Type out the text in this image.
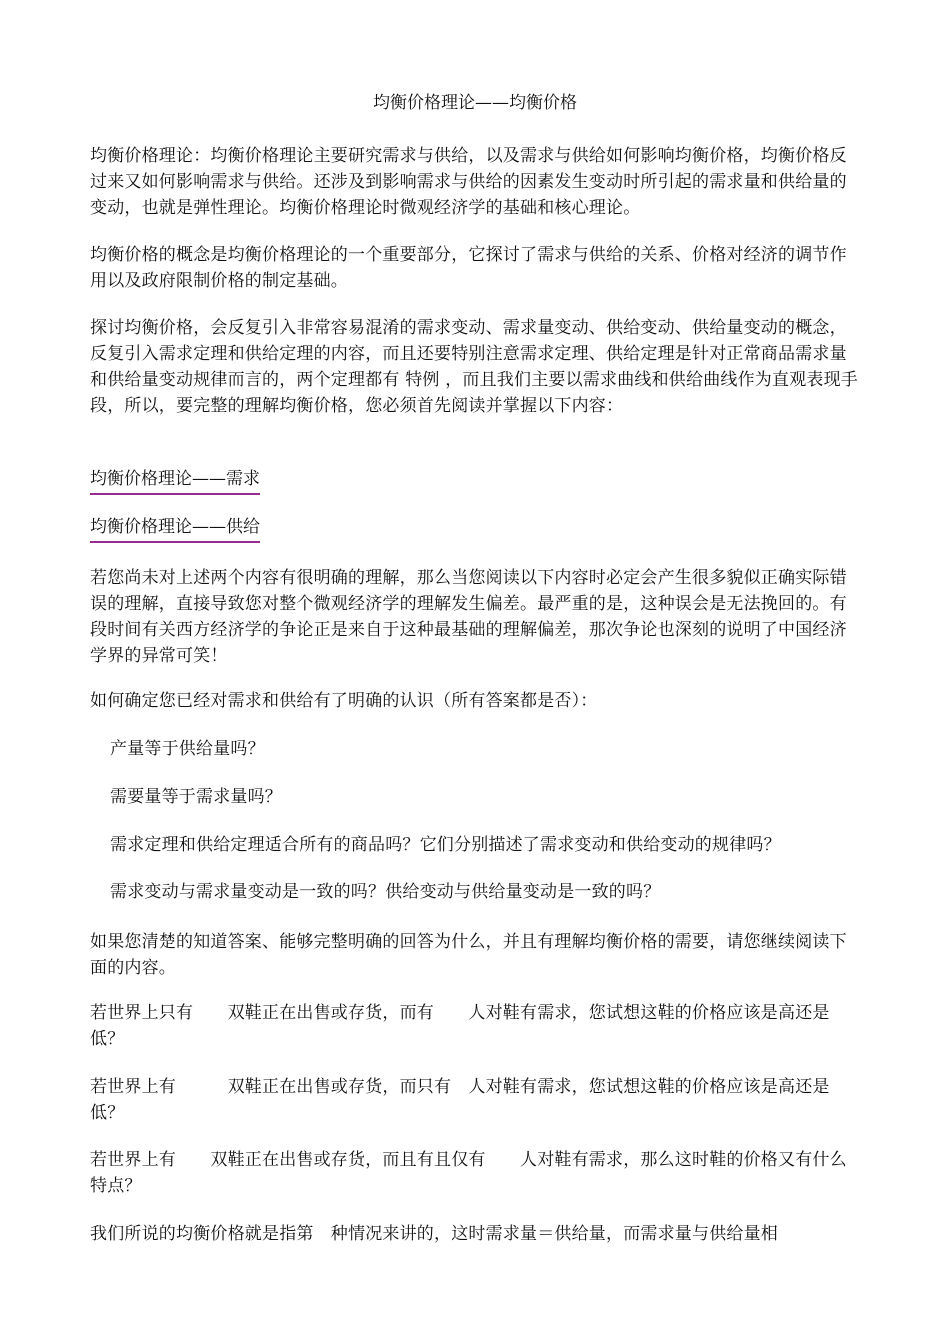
均衡价格理论——均衡价格
均衡价格理论：均衡价格理论主要研究需求与供给，以及需求与供给如何影响均衡价格，均衡价格反过来又如何影响需求与供给。还涉及到影响需求与供给的因素发生变动时所引起的需求量和供给量的变动，也就是弹性理论。均衡价格理论时微观经济学的基础和核心理论。
均衡价格的概念是均衡价格理论的一个重要部分，它探讨了需求与供给的关系、价格对经济的调节作用以及政府限制价格的制定基础。
探讨均衡价格，会反复引入非常容易混淆的需求变动、需求量变动、供给变动、供给量变动的概念，反复引入需求定理和供给定理的内容，而且还要特别注意需求定理、供给定理是针对正常商品需求量和供给量变动规律而言的，两个定理都有 特例 ，而且我们主要以需求曲线和供给曲线作为直观表现手段，所以，要完整的理解均衡价格，您必须首先阅读并掌握以下内容：
均衡价格理论——需求
均衡价格理论——供给
若您尚未对上述两个内容有很明确的理解，那么当您阅读以下内容时必定会产生很多貌似正确实际错误的理解，直接导致您对整个微观经济学的理解发生偏差。最严重的是，这种误会是无法挽回的。有段时间有关西方经济学的争论正是来自于这种最基础的理解偏差，那次争论也深刻的说明了中国经济学界的异常可笑！
如何确定您已经对需求和供给有了明确的认识（所有答案都是否）：
产量等于供给量吗？
需要量等于需求量吗？
需求定理和供给定理适合所有的商品吗？它们分别描述了需求变动和供给变动的规律吗？
需求变动与需求量变动是一致的吗？供给变动与供给量变动是一致的吗？
如果您清楚的知道答案、能够完整明确的回答为什么，并且有理解均衡价格的需要，请您继续阅读下面的内容。
若世界上只有　　双鞋正在出售或存货，而有　　人对鞋有需求，您试想这鞋的价格应该是高还是低？
若世界上有　　　双鞋正在出售或存货，而只有　人对鞋有需求，您试想这鞋的价格应该是高还是低？
若世界上有　　双鞋正在出售或存货，而且有且仅有　　人对鞋有需求，那么这时鞋的价格又有什么特点？
我们所说的均衡价格就是指第　种情况来讲的，这时需求量＝供给量，而需求量与供给量相
